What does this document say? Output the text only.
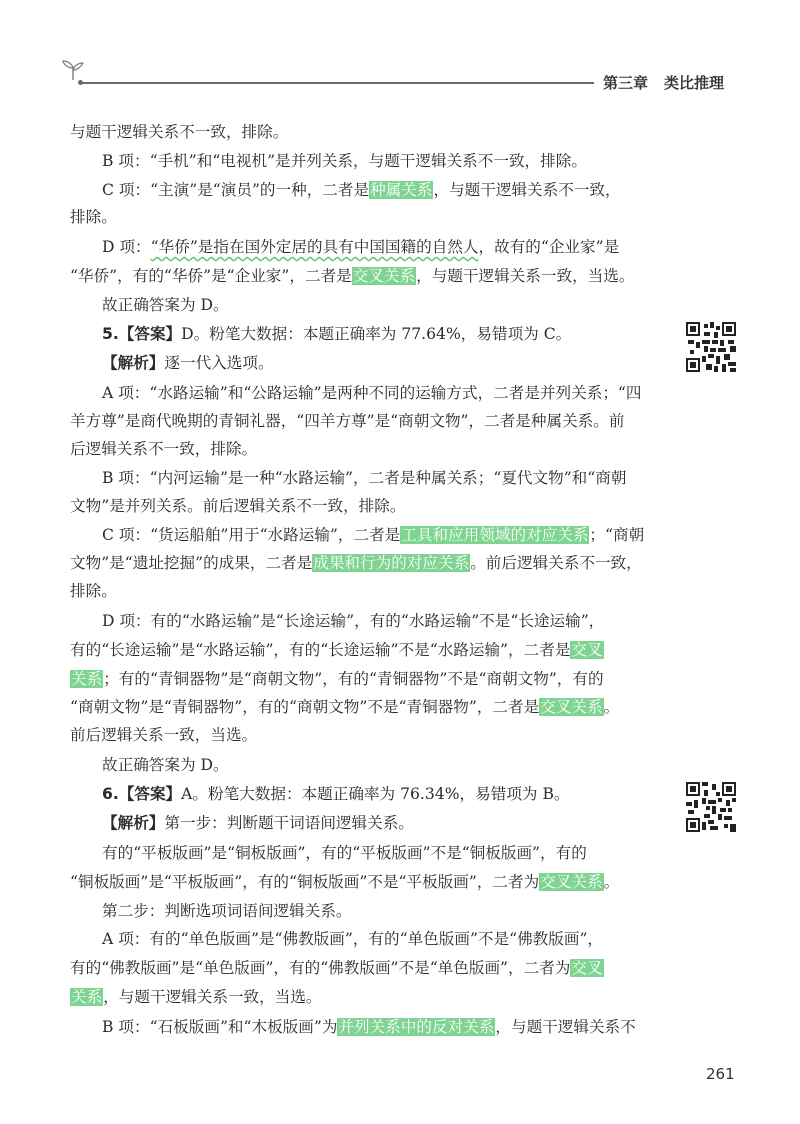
第三章 类比推理
与题干逻辑关系不一致，排除。
B 项：“手机”和“电视机”是并列关系，与题干逻辑关系不一致，排除。
C 项：“主演”是“演员”的一种，二者是种属关系，与题干逻辑关系不一致，
排除。
D 项：“华侨”是指在国外定居的具有中国国籍的自然人，故有的“企业家”是
“华侨”，有的“华侨”是“企业家”，二者是交叉关系，与题干逻辑关系一致，当选。
故正确答案为 D。
5.【答案】D。粉笔大数据：本题正确率为 77.64%，易错项为 C。
【解析】逐一代入选项。
A 项：“水路运输”和“公路运输”是两种不同的运输方式，二者是并列关系；“四
羊方尊”是商代晚期的青铜礼器，“四羊方尊”是“商朝文物”，二者是种属关系。前
后逻辑关系不一致，排除。
B 项：“内河运输”是一种“水路运输”，二者是种属关系；“夏代文物”和“商朝
文物”是并列关系。前后逻辑关系不一致，排除。
C 项：“货运船舶”用于“水路运输”，二者是工具和应用领域的对应关系；“商朝
文物”是“遗址挖掘”的成果，二者是成果和行为的对应关系。前后逻辑关系不一致，
排除。
D 项：有的“水路运输”是“长途运输”，有的“水路运输”不是“长途运输”，
有的“长途运输”是“水路运输”，有的“长途运输”不是“水路运输”，二者是交叉
关系；有的“青铜器物”是“商朝文物”，有的“青铜器物”不是“商朝文物”，有的
“商朝文物”是“青铜器物”，有的“商朝文物”不是“青铜器物”，二者是交叉关系。
前后逻辑关系一致，当选。
故正确答案为 D。
6.【答案】A。粉笔大数据：本题正确率为 76.34%，易错项为 B。
【解析】第一步：判断题干词语间逻辑关系。
有的“平板版画”是“铜板版画”，有的“平板版画”不是“铜板版画”，有的
“铜板版画”是“平板版画”，有的“铜板版画”不是“平板版画”，二者为交叉关系。
第二步：判断选项词语间逻辑关系。
A 项：有的“单色版画”是“佛教版画”，有的“单色版画”不是“佛教版画”，
有的“佛教版画”是“单色版画”，有的“佛教版画”不是“单色版画”，二者为交叉
关系，与题干逻辑关系一致，当选。
B 项：“石板版画”和“木板版画”为并列关系中的反对关系，与题干逻辑关系不
261
